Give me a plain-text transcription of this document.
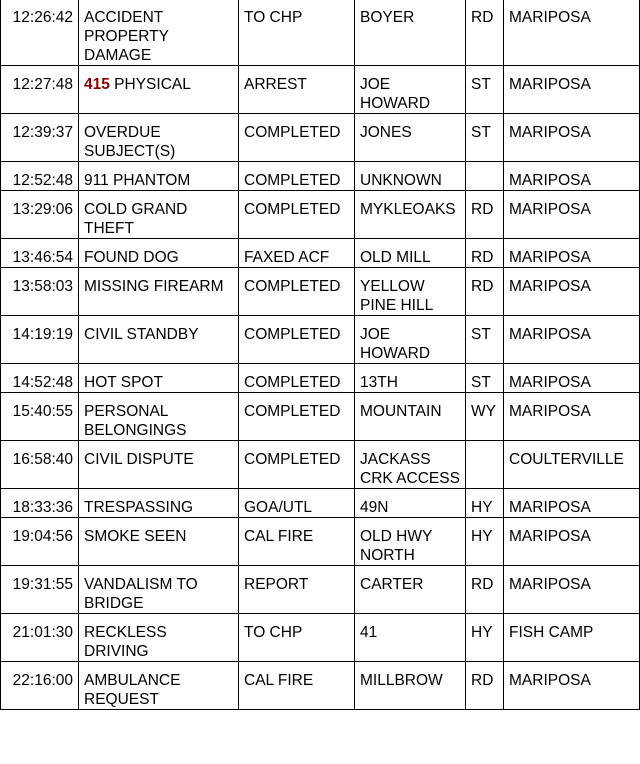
12:26:42	ACCIDENT PROPERTY DAMAGE	TO CHP	BOYER	RD	MARIPOSA
12:27:48	415 PHYSICAL	ARREST	JOE HOWARD	ST	MARIPOSA
12:39:37	OVERDUE SUBJECT(S)	COMPLETED	JONES	ST	MARIPOSA
12:52:48	911 PHANTOM	COMPLETED	UNKNOWN		MARIPOSA
13:29:06	COLD GRAND THEFT	COMPLETED	MYKLEOAKS	RD	MARIPOSA
13:46:54	FOUND DOG	FAXED ACF	OLD MILL	RD	MARIPOSA
13:58:03	MISSING FIREARM	COMPLETED	YELLOW PINE HILL	RD	MARIPOSA
14:19:19	CIVIL STANDBY	COMPLETED	JOE HOWARD	ST	MARIPOSA
14:52:48	HOT SPOT	COMPLETED	13TH	ST	MARIPOSA
15:40:55	PERSONAL BELONGINGS	COMPLETED	MOUNTAIN	WY	MARIPOSA
16:58:40	CIVIL DISPUTE	COMPLETED	JACKASS CRK ACCESS		COULTERVILLE
18:33:36	TRESPASSING	GOA/UTL	49N	HY	MARIPOSA
19:04:56	SMOKE SEEN	CAL FIRE	OLD HWY NORTH	HY	MARIPOSA
19:31:55	VANDALISM TO BRIDGE	REPORT	CARTER	RD	MARIPOSA
21:01:30	RECKLESS DRIVING	TO CHP	41	HY	FISH CAMP
22:16:00	AMBULANCE REQUEST	CAL FIRE	MILLBROW	RD	MARIPOSA
